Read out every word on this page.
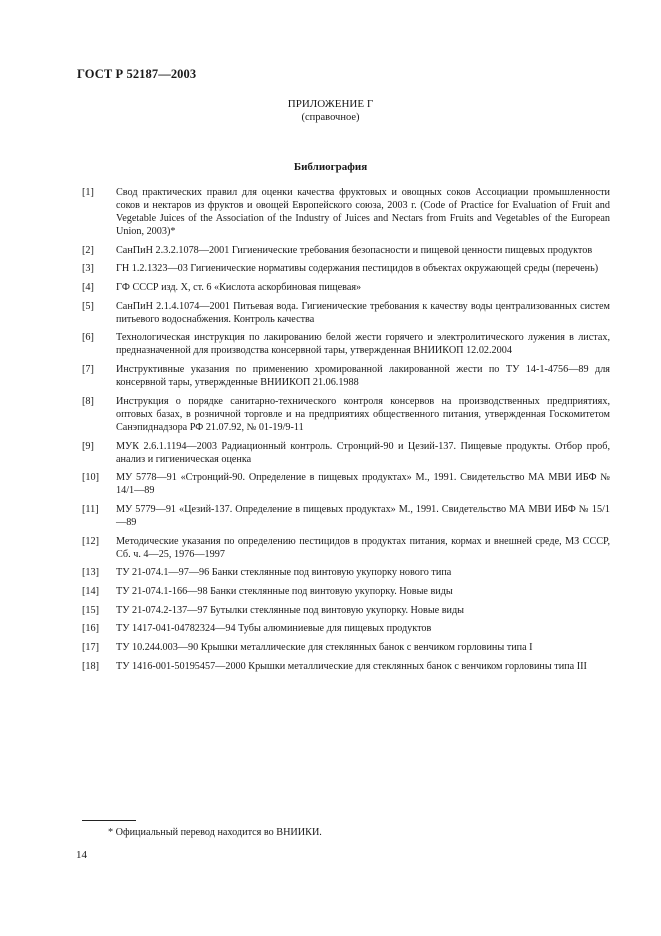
ГОСТ Р 52187—2003
ПРИЛОЖЕНИЕ Г
(справочное)
Библиография
[1]	Свод практических правил для оценки качества фруктовых и овощных соков Ассоциации промышленности соков и нектаров из фруктов и овощей Европейского союза, 2003 г. (Code of Practice for Evaluation of Fruit and Vegetable Juices of the Association of the Industry of Juices and Nectars from Fruits and Vegetables of the European Union, 2003)*
[2]	СанПиН 2.3.2.1078—2001 Гигиенические требования безопасности и пищевой ценности пищевых продуктов
[3]	ГН 1.2.1323—03 Гигиенические нормативы содержания пестицидов в объектах окружающей среды (перечень)
[4]	ГФ СССР изд. X, ст. 6 «Кислота аскорбиновая пищевая»
[5]	СанПиН 2.1.4.1074—2001 Питьевая вода. Гигиенические требования к качеству воды централизованных систем питьевого водоснабжения. Контроль качества
[6]	Технологическая инструкция по лакированию белой жести горячего и электролитического лужения в листах, предназначенной для производства консервной тары, утвержденная ВНИИКОП 12.02.2004
[7]	Инструктивные указания по применению хромированной лакированной жести по ТУ 14-1-4756—89 для консервной тары, утвержденные ВНИИКОП 21.06.1988
[8]	Инструкция о порядке санитарно-технического контроля консервов на производственных предприятиях, оптовых базах, в розничной торговле и на предприятиях общественного питания, утвержденная Госкомитетом Санэпиднадзора РФ 21.07.92, № 01-19/9-11
[9]	МУК 2.6.1.1194—2003 Радиационный контроль. Стронций-90 и Цезий-137. Пищевые продукты. Отбор проб, анализ и гигиеническая оценка
[10]	МУ 5778—91 «Стронций-90. Определение в пищевых продуктах» М., 1991. Свидетельство МА МВИ ИБФ № 14/1—89
[11]	МУ 5779—91 «Цезий-137. Определение в пищевых продуктах» М., 1991. Свидетельство МА МВИ ИБФ № 15/1—89
[12]	Методические указания по определению пестицидов в продуктах питания, кормах и внешней среде, МЗ СССР, Сб. ч. 4—25, 1976—1997
[13]	ТУ 21-074.1—97—96 Банки стеклянные под винтовую укупорку нового типа
[14]	ТУ 21-074.1-166—98 Банки стеклянные под винтовую укупорку. Новые виды
[15]	ТУ 21-074.2-137—97 Бутылки стеклянные под винтовую укупорку. Новые виды
[16]	ТУ 1417-041-04782324—94 Тубы алюминиевые для пищевых продуктов
[17]	ТУ 10.244.003—90 Крышки металлические для стеклянных банок с венчиком горловины типа I
[18]	ТУ 1416-001-50195457—2000 Крышки металлические для стеклянных банок с венчиком горловины типа III
* Официальный перевод находится во ВНИИКИ.
14
